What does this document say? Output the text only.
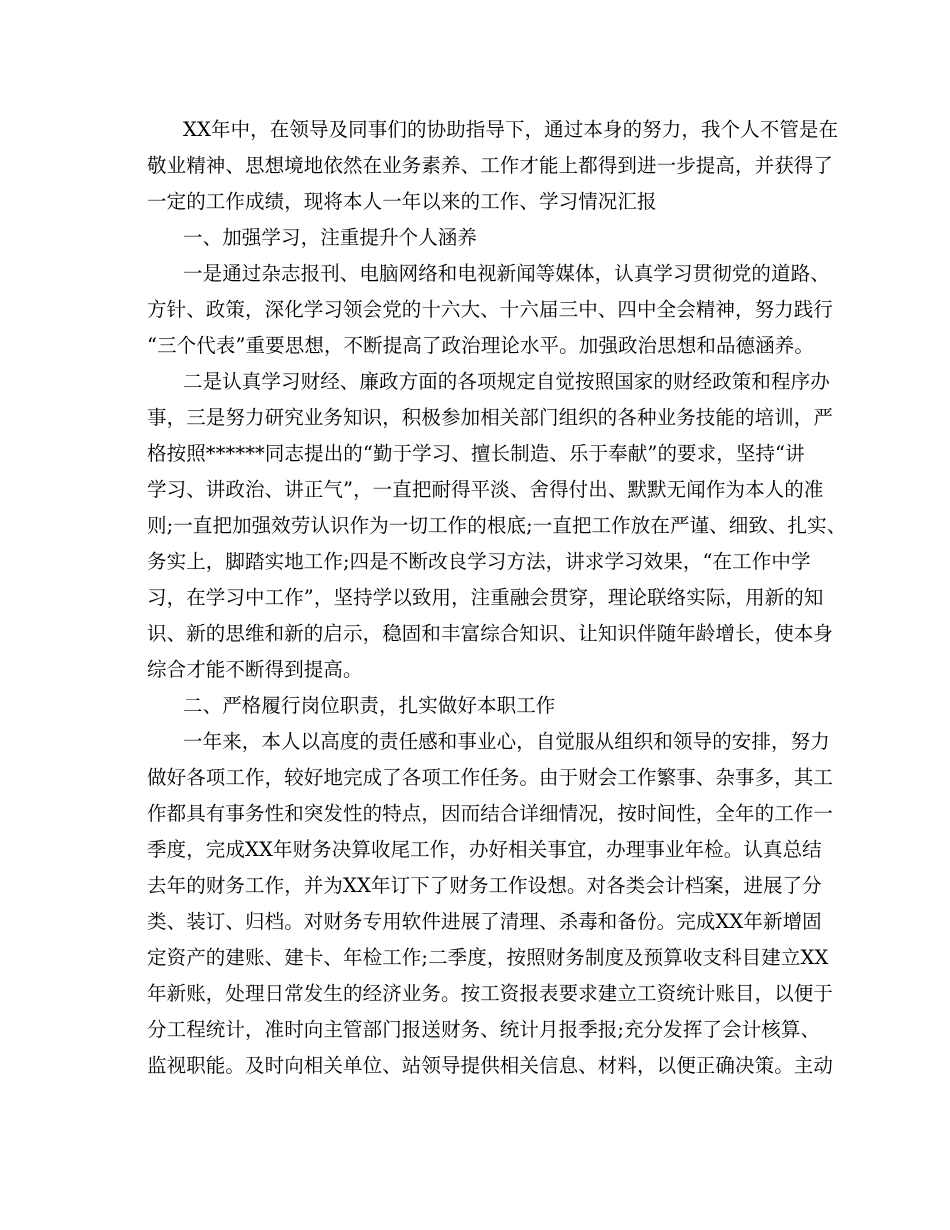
XX年中，在领导及同事们的协助指导下，通过本身的努力，我个人不管是在
敬业精神、思想境地依然在业务素养、工作才能上都得到进一步提高，并获得了
一定的工作成绩，现将本人一年以来的工作、学习情况汇报
一、加强学习，注重提升个人涵养
一是通过杂志报刊、电脑网络和电视新闻等媒体，认真学习贯彻党的道路、
方针、政策，深化学习领会党的十六大、十六届三中、四中全会精神，努力践行
“三个代表”重要思想，不断提高了政治理论水平。加强政治思想和品德涵养。
二是认真学习财经、廉政方面的各项规定自觉按照国家的财经政策和程序办
事，三是努力研究业务知识，积极参加相关部门组织的各种业务技能的培训，严
格按照******同志提出的“勤于学习、擅长制造、乐于奉献”的要求，坚持“讲
学习、讲政治、讲正气”，一直把耐得平淡、舍得付出、默默无闻作为本人的准
则;一直把加强效劳认识作为一切工作的根底;一直把工作放在严谨、细致、扎实、
务实上，脚踏实地工作;四是不断改良学习方法，讲求学习效果，“在工作中学
习，在学习中工作”，坚持学以致用，注重融会贯穿，理论联络实际，用新的知
识、新的思维和新的启示，稳固和丰富综合知识、让知识伴随年龄增长，使本身
综合才能不断得到提高。
二、严格履行岗位职责，扎实做好本职工作
一年来，本人以高度的责任感和事业心，自觉服从组织和领导的安排，努力
做好各项工作，较好地完成了各项工作任务。由于财会工作繁事、杂事多，其工
作都具有事务性和突发性的特点，因而结合详细情况，按时间性，全年的工作一
季度，完成XX年财务决算收尾工作，办好相关事宜，办理事业年检。认真总结
去年的财务工作，并为XX年订下了财务工作设想。对各类会计档案，进展了分
类、装订、归档。对财务专用软件进展了清理、杀毒和备份。完成XX年新增固
定资产的建账、建卡、年检工作;二季度，按照财务制度及预算收支科目建立XX
年新账，处理日常发生的经济业务。按工资报表要求建立工资统计账目，以便于
分工程统计，准时向主管部门报送财务、统计月报季报;充分发挥了会计核算、
监视职能。及时向相关单位、站领导提供相关信息、材料，以便正确决策。主动
